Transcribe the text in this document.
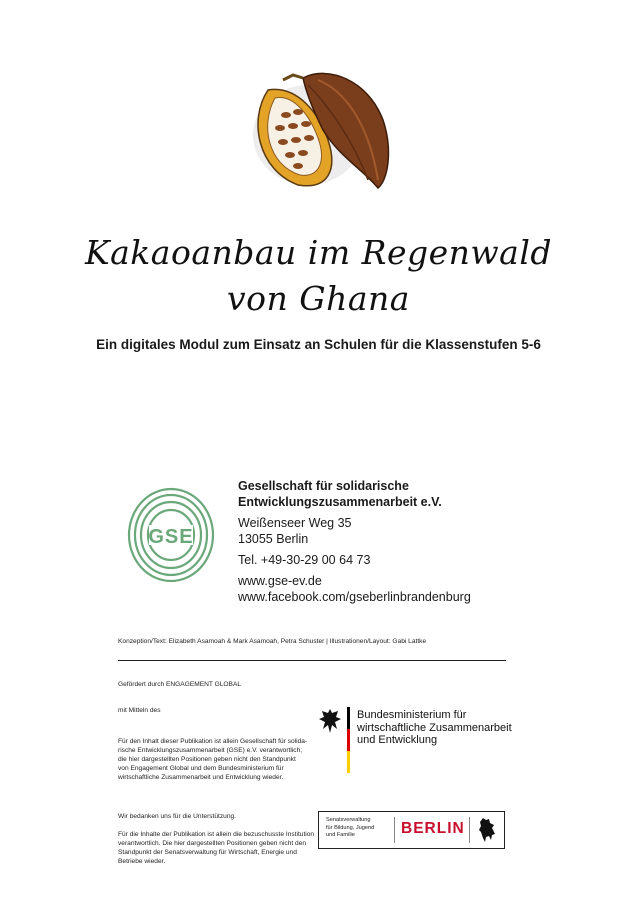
Kakaoanbau im Regenwald
von Ghana
Ein digitales Modul zum Einsatz an Schulen für die Klassenstufen 5-6
GSE
Gesellschaft für solidarische
Entwicklungszusammenarbeit e.V.
Weißenseer Weg 35
13055 Berlin
Tel. +49-30-29 00 64 73
www.gse-ev.de
www.facebook.com/gseberlinbrandenburg
Konzeption/Text: Elizabeth Asamoah & Mark Asamoah, Petra Schuster | Illustrationen/Layout: Gabi Lattke
Gefördert durch ENGAGEMENT GLOBAL
mit Mitteln des
Für den Inhalt dieser Publikation ist allein Gesellschaft für solida-
rische Entwicklungszusammenarbeit (GSE) e.V. verantwortlich;
die hier dargestellten Positionen geben nicht den Standpunkt
von Engagement Global und dem Bundesministerium für
wirtschaftliche Zusammenarbeit und Entwicklung wieder.
Wir bedanken uns für die Unterstützung.
Für die Inhalte der Publikation ist allein die bezuschusste Institution
verantwortlich. Die hier dargestellten Positionen geben nicht den
Standpunkt der Senatsverwaltung für Wirtschaft, Energie und
Betriebe wieder.
Bundesministerium für
wirtschaftliche Zusammenarbeit
und Entwicklung
Senatsverwaltung
für Bildung, Jugend
und Familie	BERLIN
